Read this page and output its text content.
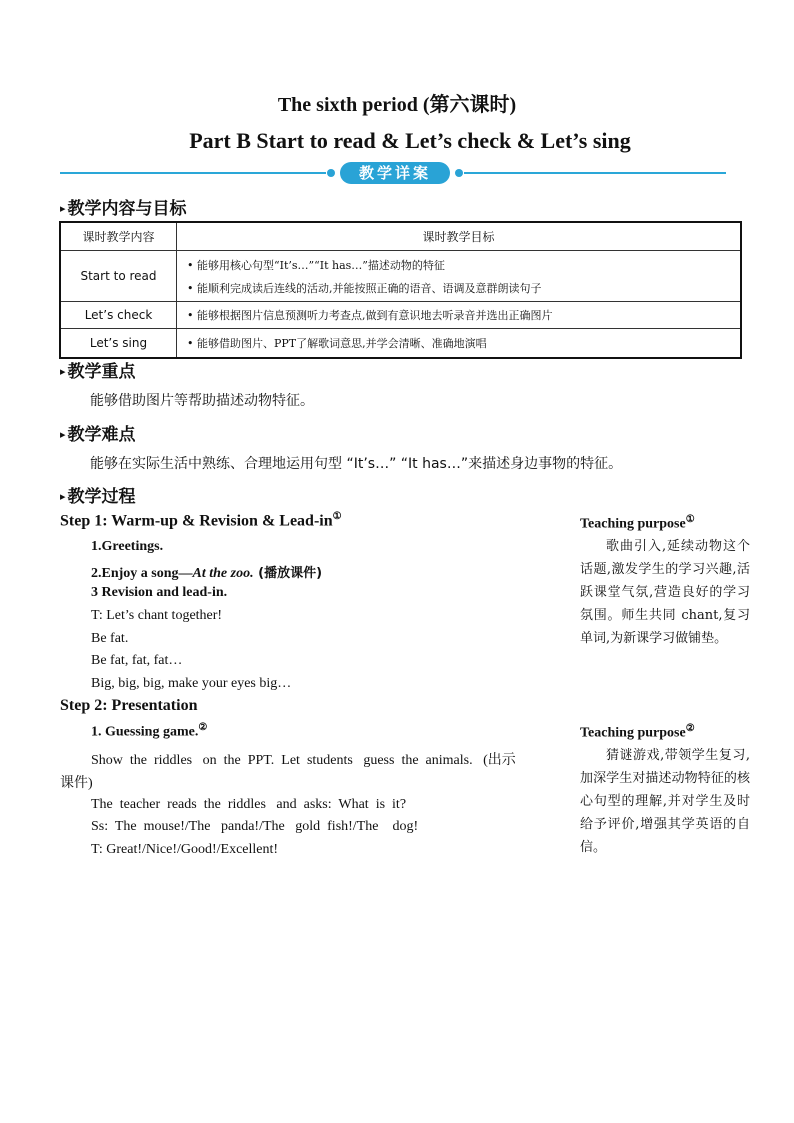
The sixth period (第六课时)
Part B Start to read & Let’s check & Let’s sing
教学详案
▸ 教学内容与目标
课时教学内容	课时教学目标
Start to read	• 能够用核心句型“It’s…”“It has…”描述动物的特征
• 能顺利完成读后连线的活动,并能按照正确的语音、语调及意群朗读句子

Let’s check	• 能够根据图片信息预测听力考查点,做到有意识地去听录音并选出正确图片

Let’s sing	• 能够借助图片、PPT了解歌词意思,并学会清晰、准确地演唱
▸ 教学重点
能够借助图片等帮助描述动物特征。
▸ 教学难点
能够在实际生活中熟练、合理地运用句型 “It’s…” “It has…”来描述身边事物的特征。
▸ 教学过程
Step 1: Warm-up & Revision & Lead-in①
1.Greetings.
2.Enjoy a song—At the zoo. (播放课件)
3 Revision and lead-in.
T: Let’s chant together!
Be fat.
Be fat, fat, fat…
Big, big, big, make your eyes big…
Step 2: Presentation
1. Guessing game.②
Show  the  riddles   on  the  PPT.  Let  students   guess  the  animals.   (出示
课件)
The  teacher  reads  the  riddles   and  asks:  What  is  it?
Ss:  The  mouse!/The   panda!/The   gold  fish!/The    dog!
T: Great!/Nice!/Good!/Excellent!
Teaching purpose①
歌曲引入,延续动物这个话题,激发学生的学习兴趣,活跃课堂气氛,营造良好的学习氛围。师生共同 chant,复习单词,为新课学习做铺垫。
Teaching purpose②
猜谜游戏,带领学生复习,加深学生对描述动物特征的核心句型的理解,并对学生及时给予评价,增强其学英语的自信。
